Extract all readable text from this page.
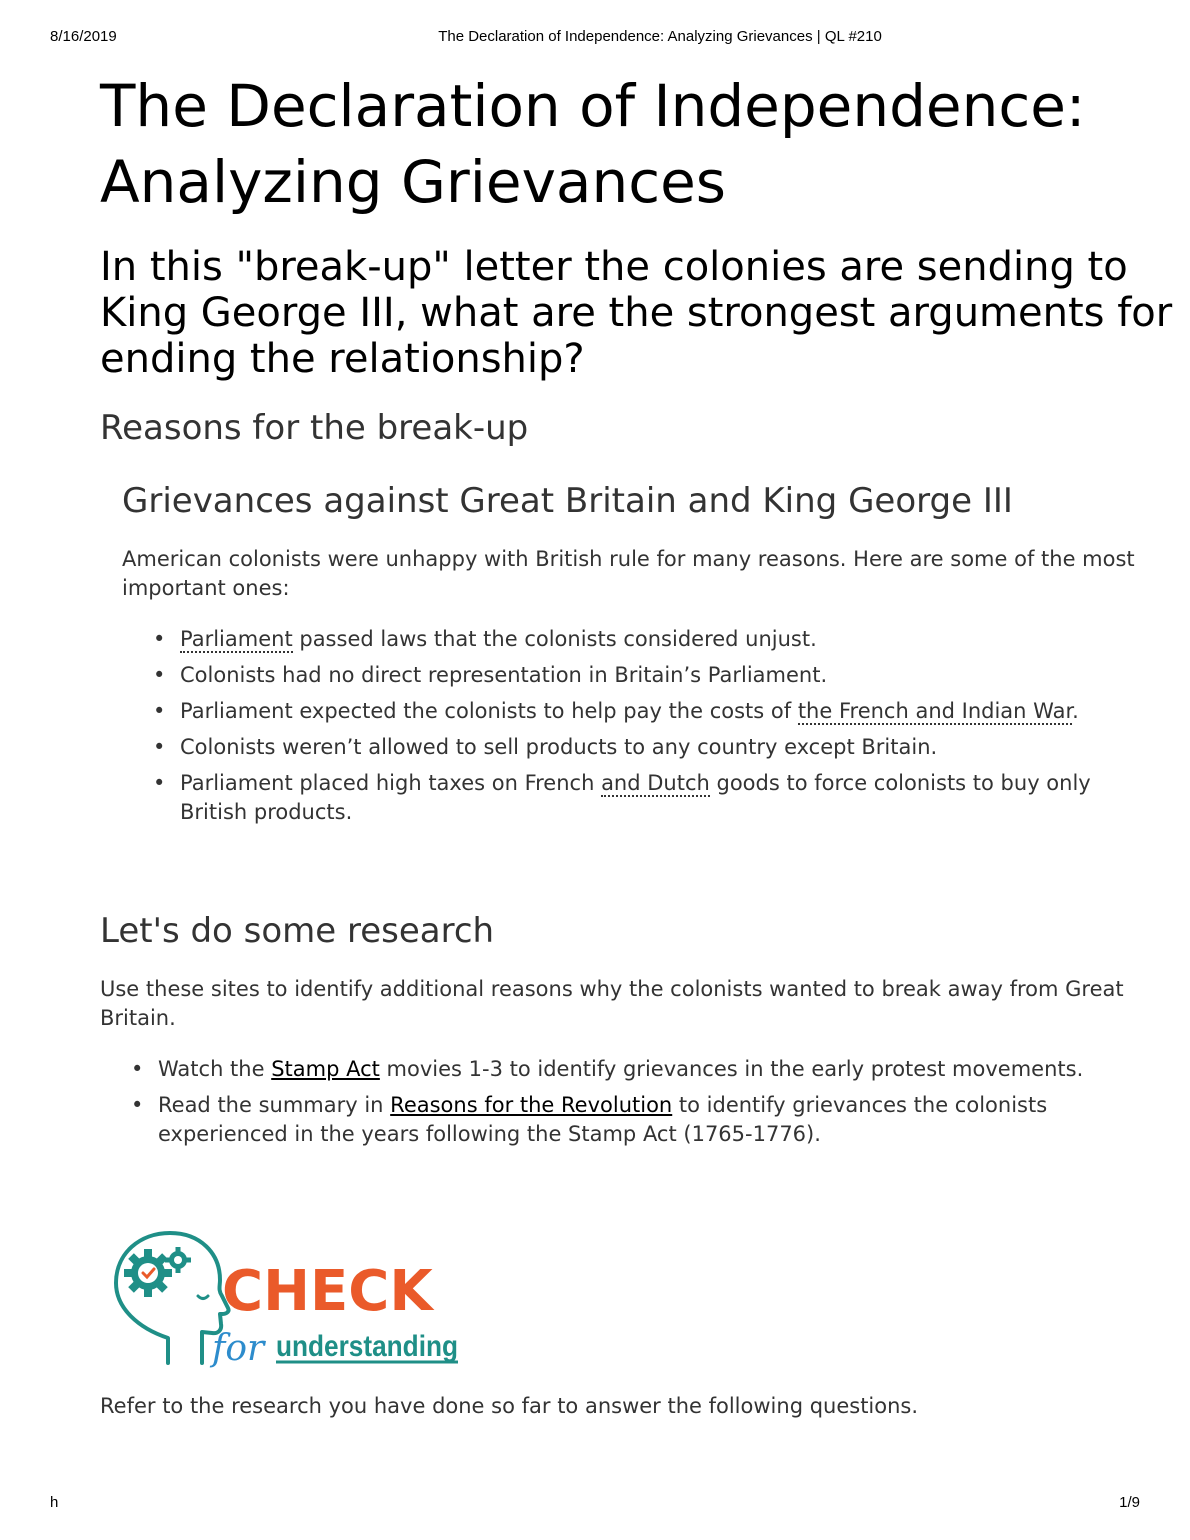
8/16/2019	The Declaration of Independence: Analyzing Grievances | QL #210
The Declaration of Independence: Analyzing Grievances
In this "break-up" letter the colonies are sending to King George III, what are the strongest arguments for ending the relationship?
Reasons for the break-up
Grievances against Great Britain and King George III

American colonists were unhappy with British rule for many reasons. Here are some of the most important ones:

• Parliament passed laws that the colonists considered unjust.
• Colonists had no direct representation in Britain’s Parliament.
• Parliament expected the colonists to help pay the costs of the French and Indian War.
• Colonists weren’t allowed to sell products to any country except Britain.
• Parliament placed high taxes on French and Dutch goods to force colonists to buy only British products.
Let's do some research

Use these sites to identify additional reasons why the colonists wanted to break away from Great Britain.

• Watch the Stamp Act movies 1-3 to identify grievances in the early protest movements.
• Read the summary in Reasons for the Revolution to identify grievances the colonists experienced in the years following the Stamp Act (1765-1776).
CHECK
for understanding

Refer to the research you have done so far to answer the following questions.

h	1/9
